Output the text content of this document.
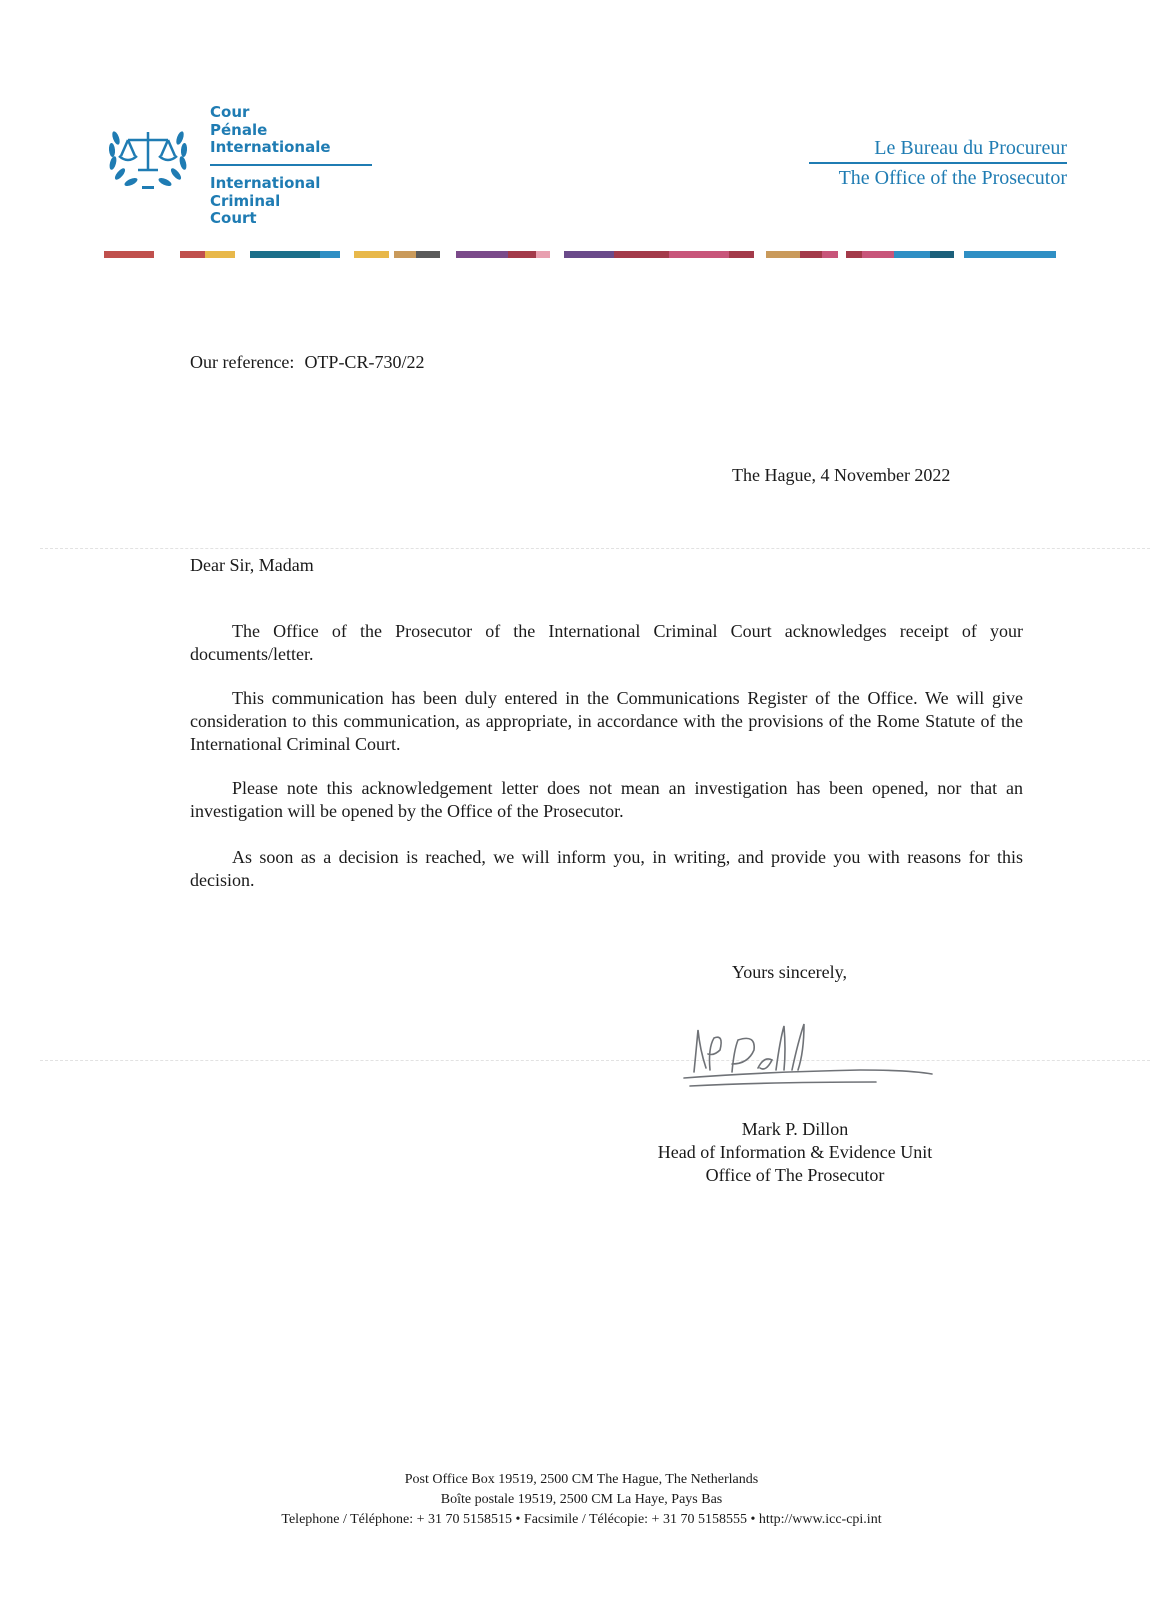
Cour
Pénale
Internationale
International
Criminal
Court
Le Bureau du Procureur
The Office of the Prosecutor
Our reference: OTP-CR-730/22
The Hague, 4 November 2022
Dear Sir, Madam

The Office of the Prosecutor of the International Criminal Court acknowledges receipt of your documents/letter.

This communication has been duly entered in the Communications Register of the Office. We will give consideration to this communication, as appropriate, in accordance with the provisions of the Rome Statute of the International Criminal Court.

Please note this acknowledgement letter does not mean an investigation has been opened, nor that an investigation will be opened by the Office of the Prosecutor.

As soon as a decision is reached, we will inform you, in writing, and provide you with reasons for this decision.

Yours sincerely,
Mark P. Dillon
Head of Information & Evidence Unit
Office of The Prosecutor
Post Office Box 19519, 2500 CM The Hague, The Netherlands
Boîte postale 19519, 2500 CM La Haye, Pays Bas
Telephone / Téléphone: + 31 70 5158515 • Facsimile / Télécopie: + 31 70 5158555 • http://www.icc-cpi.int
